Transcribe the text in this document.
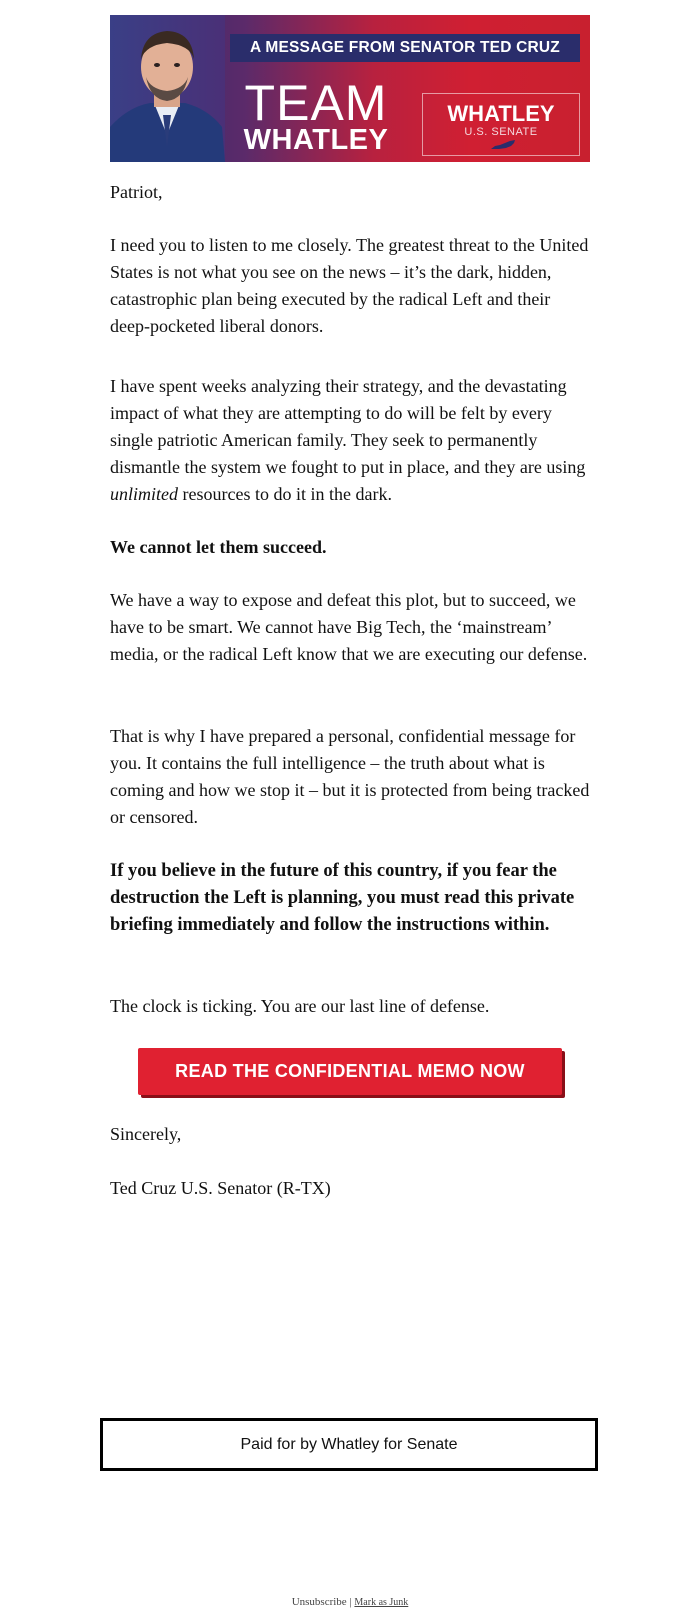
A MESSAGE FROM SENATOR TED CRUZ
TEAM
WHATLEY
WHATLEY
U.S. SENATE

Patriot,

I need you to listen to me closely. The greatest threat to the United States is not what you see on the news – it’s the dark, hidden, catastrophic plan being executed by the radical Left and their deep-pocketed liberal donors.

I have spent weeks analyzing their strategy, and the devastating impact of what they are attempting to do will be felt by every single patriotic American family. They seek to permanently dismantle the system we fought to put in place, and they are using unlimited resources to do it in the dark.

We cannot let them succeed.

We have a way to expose and defeat this plot, but to succeed, we have to be smart. We cannot have Big Tech, the ‘mainstream’ media, or the radical Left know that we are executing our defense.

That is why I have prepared a personal, confidential message for you. It contains the full intelligence – the truth about what is coming and how we stop it – but it is protected from being tracked or censored.

If you believe in the future of this country, if you fear the destruction the Left is planning, you must read this private briefing immediately and follow the instructions within.

The clock is ticking. You are our last line of defense.

READ THE CONFIDENTIAL MEMO NOW

Sincerely,

Ted Cruz U.S. Senator (R-TX)

Paid for by Whatley for Senate
Unsubscribe | Mark as Junk
